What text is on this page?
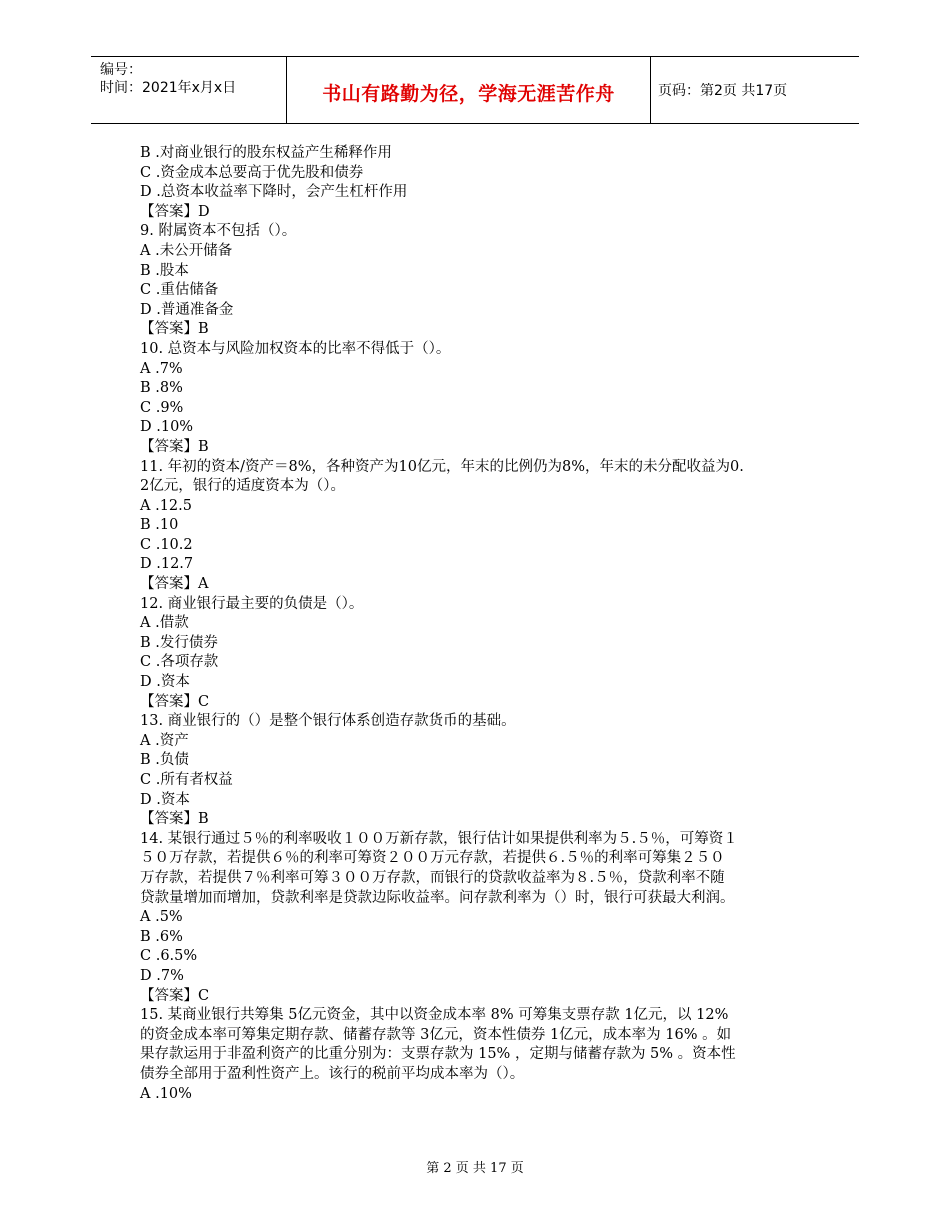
编号：
时间：2021年x月x日	书山有路勤为径，学海无涯苦作舟	页码：第2页 共17页
B .对商业银行的股东权益产生稀释作用
C .资金成本总要高于优先股和债券
D .总资本收益率下降时，会产生杠杆作用
【答案】D
9. 附属资本不包括（）。
A .未公开储备
B .股本
C .重估储备
D .普通准备金
【答案】B
10. 总资本与风险加权资本的比率不得低于（）。
A .7%
B .8%
C .9%
D .10%
【答案】B
11. 年初的资本/资产＝8%，各种资产为10亿元，年末的比例仍为8%，年末的未分配收益为0.
2亿元，银行的适度资本为（）。
A .12.5
B .10
C .10.2
D .12.7
【答案】A
12. 商业银行最主要的负债是（）。
A .借款
B .发行债券
C .各项存款
D .资本
【答案】C
13. 商业银行的（）是整个银行体系创造存款货币的基础。
A .资产
B .负债
C .所有者权益
D .资本
【答案】B
14. 某银行通过５％的利率吸收１００万新存款，银行估计如果提供利率为５.５％，可筹资１
５０万存款，若提供６％的利率可筹资２００万元存款，若提供６.５％的利率可筹集２５０
万存款，若提供７％利率可筹３００万存款，而银行的贷款收益率为８.５％，贷款利率不随
贷款量增加而增加，贷款利率是贷款边际收益率。问存款利率为（）时，银行可获最大利润。
A .5%
B .6%
C .6.5%
D .7%
【答案】C
15. 某商业银行共筹集 5亿元资金，其中以资金成本率 8% 可筹集支票存款 1亿元，以 12%
的资金成本率可筹集定期存款、储蓄存款等 3亿元，资本性债券 1亿元，成本率为 16% 。如
果存款运用于非盈利资产的比重分别为：支票存款为 15% ，定期与储蓄存款为 5% 。资本性
债券全部用于盈利性资产上。该行的税前平均成本率为（）。
A .10%
第 2 页 共 17 页
